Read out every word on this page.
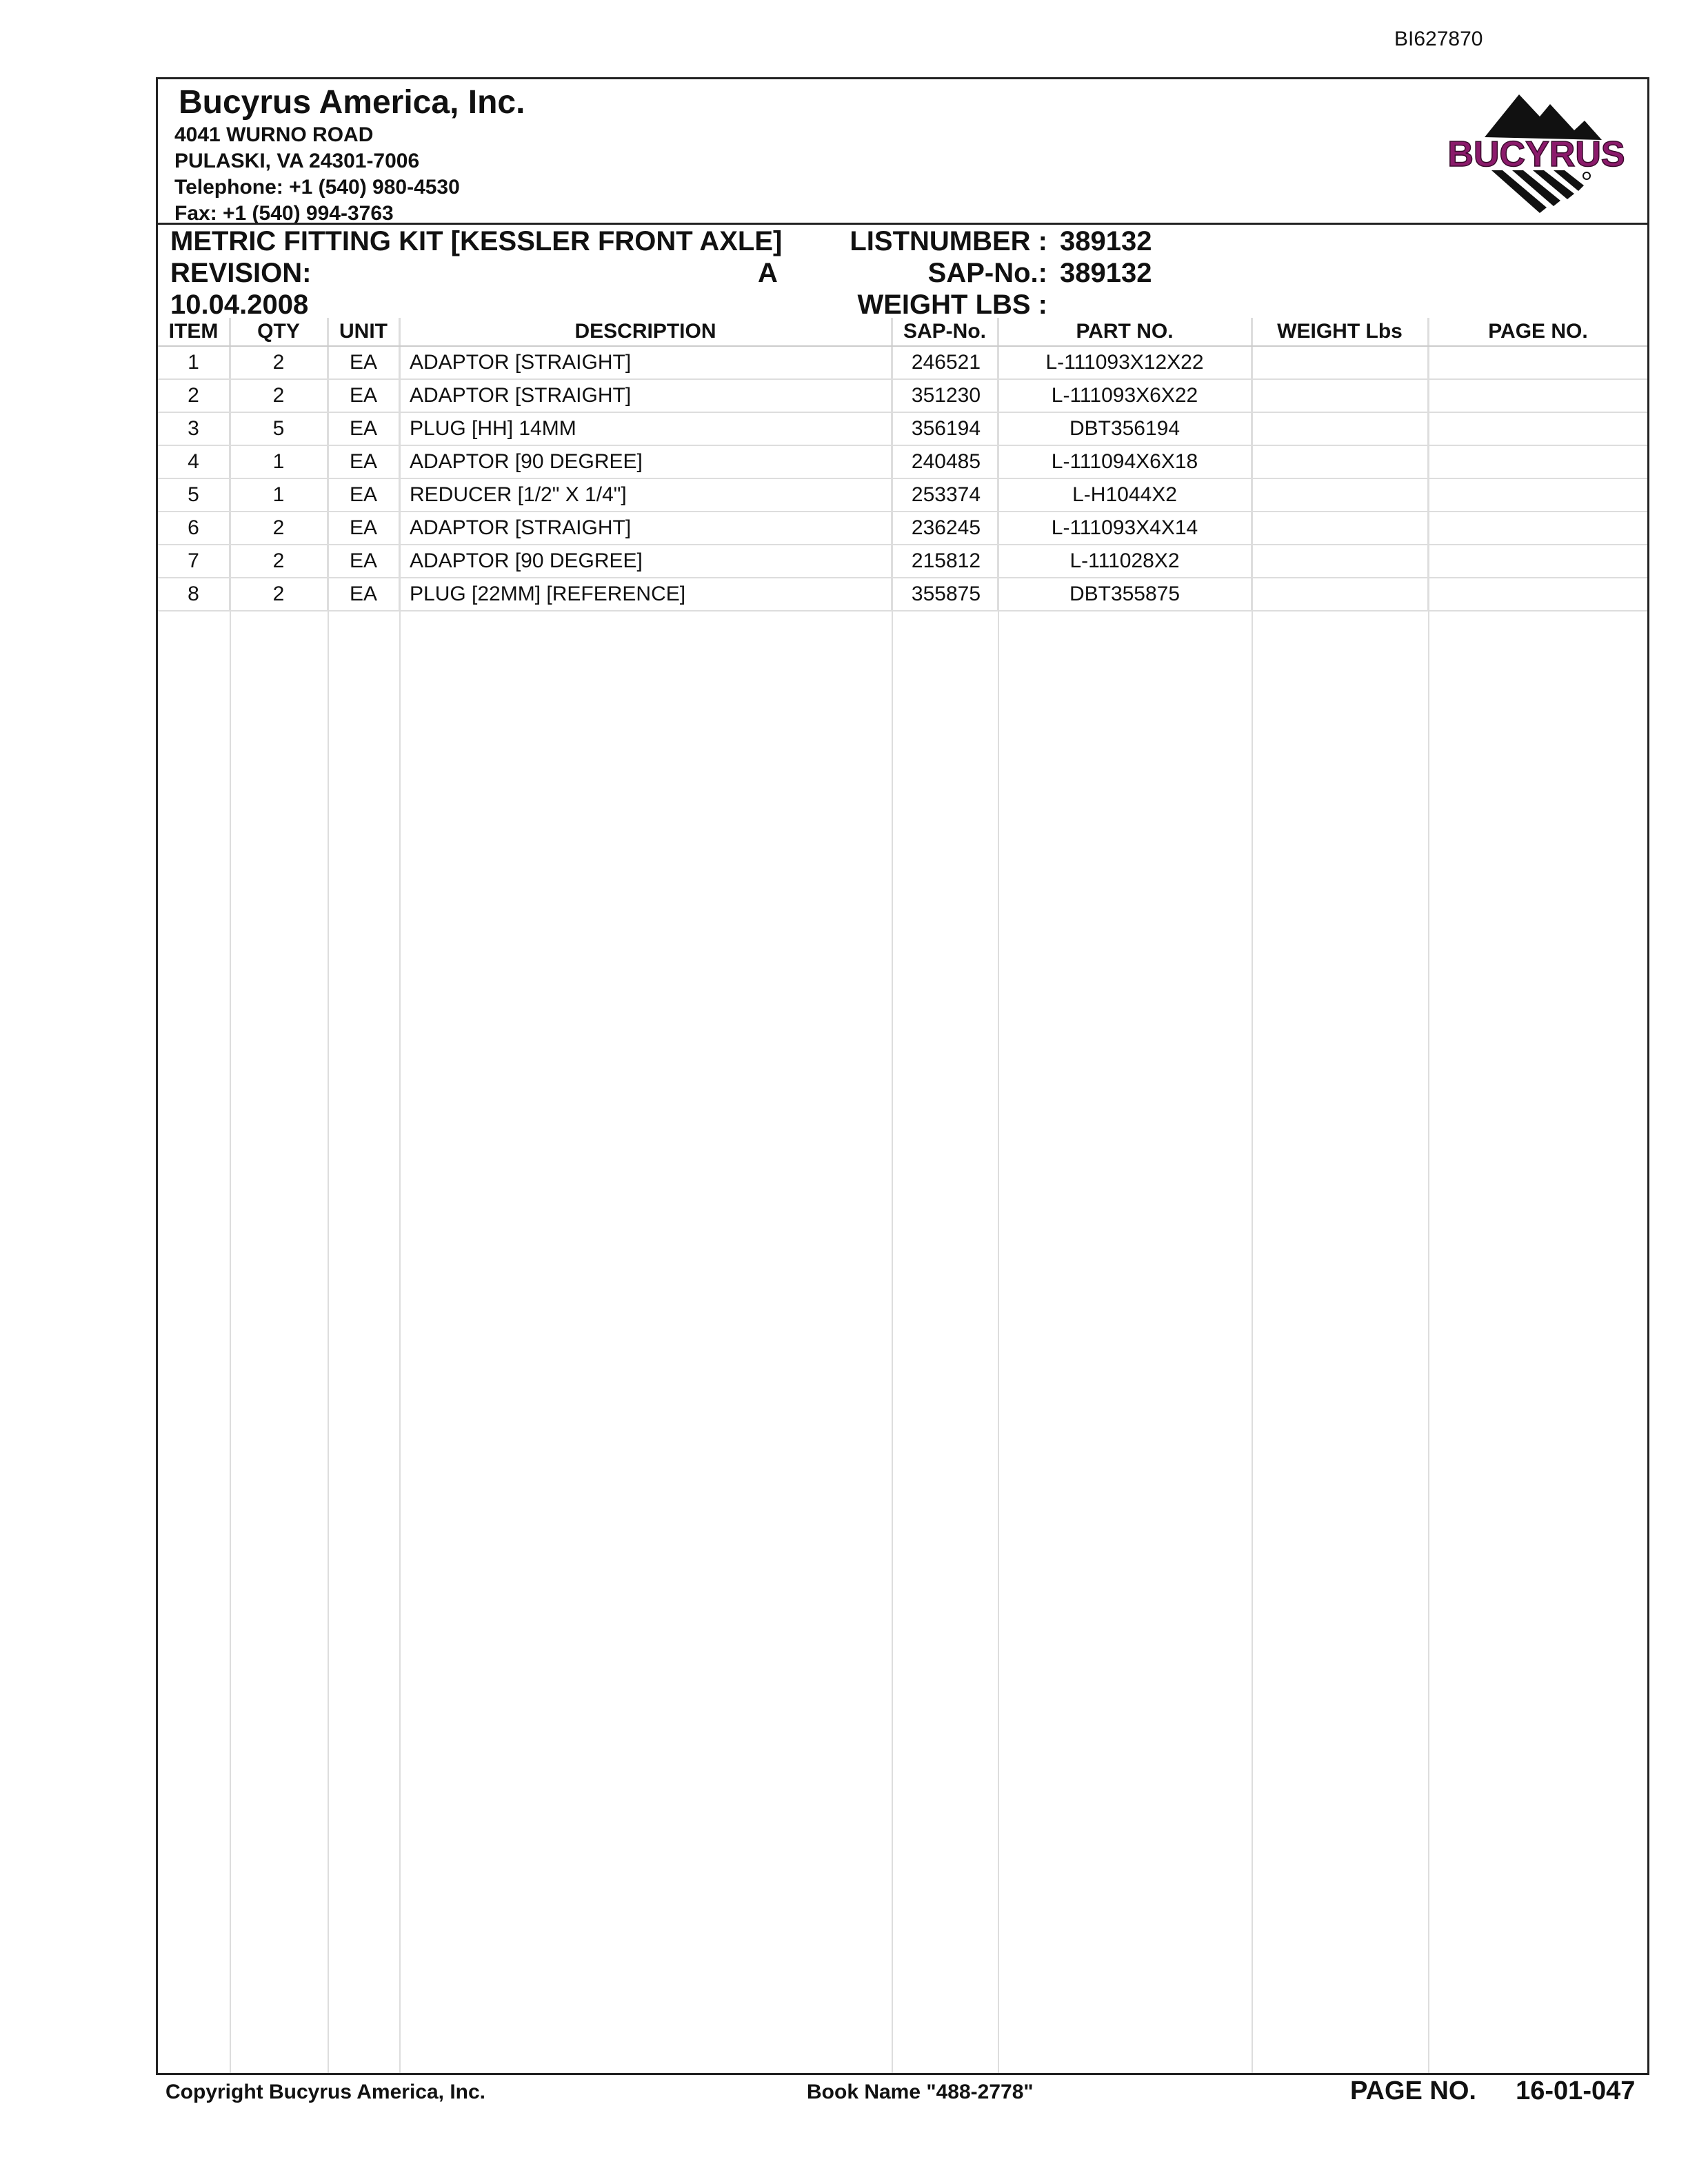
BI627870
Bucyrus America, Inc.
4041 WURNO ROAD
PULASKI, VA 24301-7006
Telephone: +1 (540) 980-4530
Fax: +1 (540) 994-3763
BUCYRUS
METRIC FITTING KIT [KESSLER FRONT AXLE]
REVISION:	A
10.04.2008
LISTNUMBER : 389132
SAP-No.: 389132
WEIGHT LBS :
ITEM	QTY	UNIT	DESCRIPTION	SAP-No.	PART NO.	WEIGHT Lbs	PAGE NO.
1	2	EA	ADAPTOR [STRAIGHT]	246521	L-111093X12X22		
2	2	EA	ADAPTOR [STRAIGHT]	351230	L-111093X6X22		
3	5	EA	PLUG [HH] 14MM	356194	DBT356194		
4	1	EA	ADAPTOR [90 DEGREE]	240485	L-111094X6X18		
5	1	EA	REDUCER [1/2" X 1/4"]	253374	L-H1044X2		
6	2	EA	ADAPTOR [STRAIGHT]	236245	L-111093X4X14		
7	2	EA	ADAPTOR [90 DEGREE]	215812	L-111028X2		
8	2	EA	PLUG [22MM] [REFERENCE]	355875	DBT355875		
Copyright Bucyrus America, Inc.	Book Name "488-2778"	PAGE NO. 16-01-047
